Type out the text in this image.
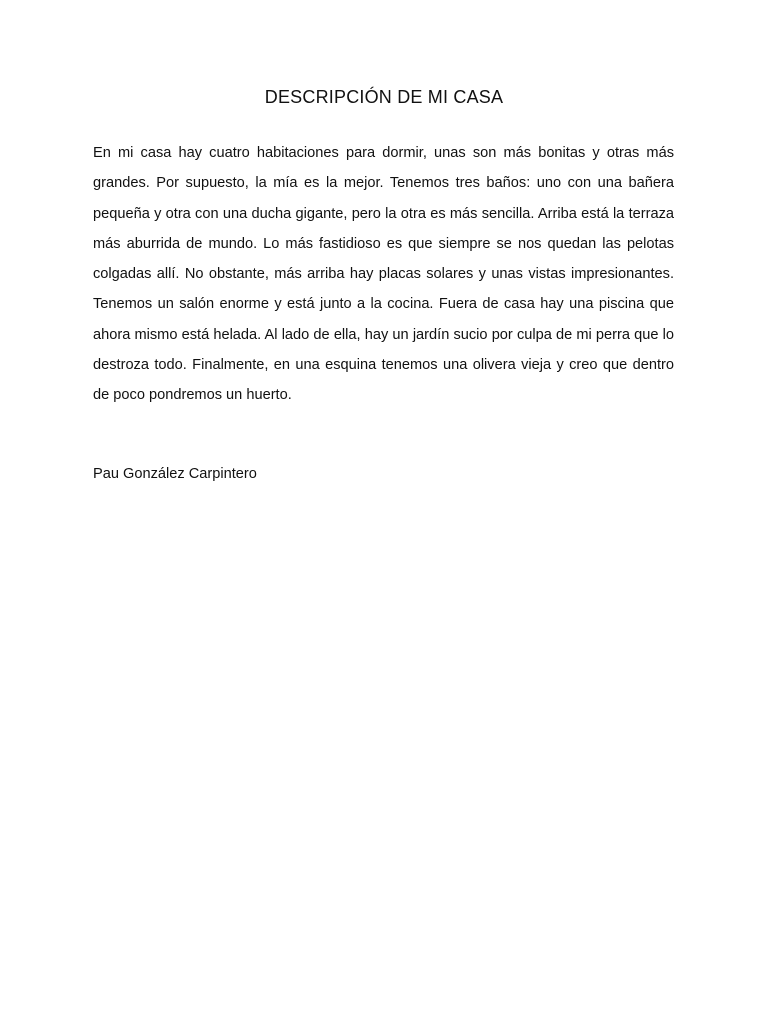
DESCRIPCIÓN DE MI CASA

En mi casa hay cuatro habitaciones para dormir, unas son más bonitas y otras más grandes. Por supuesto, la mía es la mejor. Tenemos tres baños: uno con una bañera pequeña y otra con una ducha gigante, pero la otra es más sencilla. Arriba está la terraza más aburrida de mundo. Lo más fastidioso es que siempre se nos quedan las pelotas colgadas allí. No obstante, más arriba hay placas solares y unas vistas impresionantes. Tenemos un salón enorme y está junto a la cocina. Fuera de casa hay una piscina que ahora mismo está helada. Al lado de ella, hay un jardín sucio por culpa de mi perra que lo destroza todo. Finalmente, en una esquina tenemos una olivera vieja y creo que dentro de poco pondremos un huerto.

Pau González Carpintero
